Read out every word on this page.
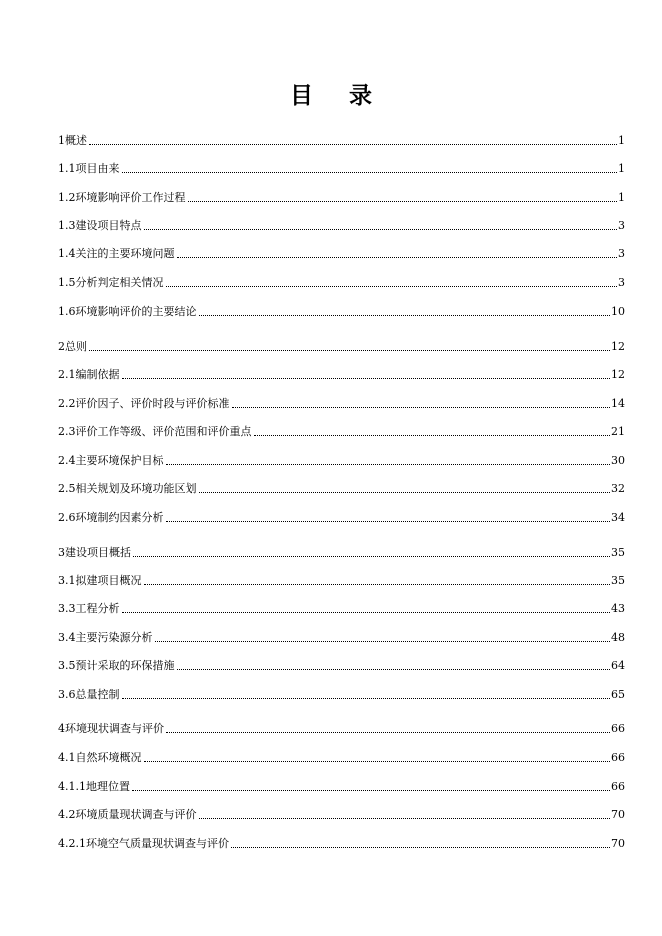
目 录
1概述	1
1.1项目由来	1
1.2环境影响评价工作过程	1
1.3建设项目特点	3
1.4关注的主要环境问题	3
1.5分析判定相关情况	3
1.6环境影响评价的主要结论	10
2总则	12
2.1编制依据	12
2.2评价因子、评价时段与评价标准	14
2.3评价工作等级、评价范围和评价重点	21
2.4主要环境保护目标	30
2.5相关规划及环境功能区划	32
2.6环境制约因素分析	34
3建设项目概括	35
3.1拟建项目概况	35
3.3工程分析	43
3.4主要污染源分析	48
3.5预计采取的环保措施	64
3.6总量控制	65
4环境现状调查与评价	66
4.1自然环境概况	66
4.1.1地理位置	66
4.2环境质量现状调查与评价	70
4.2.1环境空气质量现状调查与评价	70
